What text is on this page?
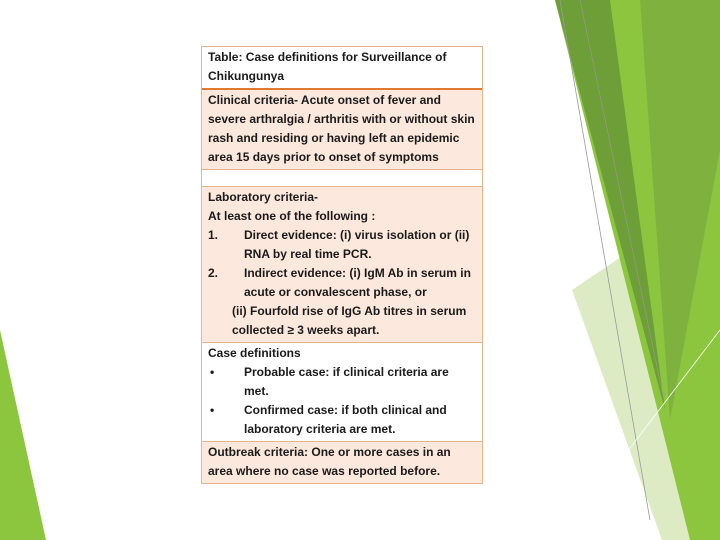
Table: Case definitions for Surveillance of Chikungunya
Clinical criteria- Acute onset of fever and severe arthralgia / arthritis with or without skin rash and residing or having left an epidemic area 15 days prior to onset of symptoms
Laboratory criteria-
At least one of the following :
1.	Direct evidence: (i) virus isolation or (ii) RNA by real time PCR.
2.	Indirect evidence: (i) IgM Ab in serum in acute or convalescent phase, or
(ii) Fourfold rise of IgG Ab titres in serum collected ≥ 3 weeks apart.
Case definitions
•	Probable case: if clinical criteria are met.
•	Confirmed case: if both clinical and laboratory criteria are met.
Outbreak criteria: One or more cases in an area where no case was reported before.
